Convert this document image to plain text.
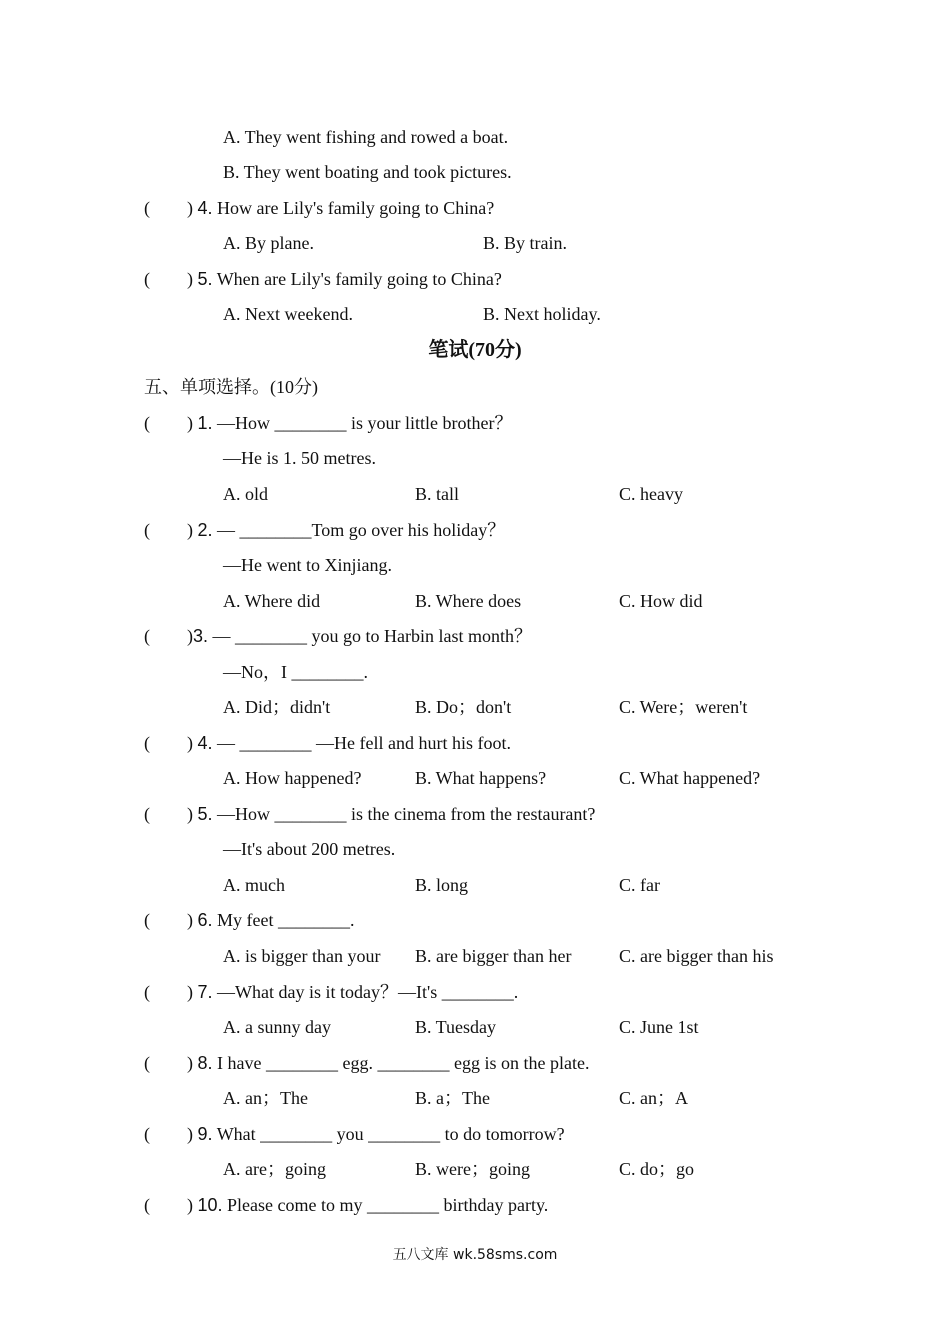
A. They went fishing and rowed a boat.
B. They went boating and took pictures.
( ) 4. How are Lily's family going to China?
A. By plane.	B. By train.
( ) 5. When are Lily's family going to China?
A. Next weekend.	B. Next holiday.
笔试(70分)
五、单项选择。(10分)
( ) 1. —How ________ is your little brother？
—He is 1. 50 metres.
A. old	B. tall	C. heavy
( ) 2. — ________Tom go over his holiday？
—He went to Xinjiang.
A. Where did	B. Where does	C. How did
( )3. — ________ you go to Harbin last month？
—No，I ________.
A. Did；didn't	B. Do；don't	C. Were；weren't
( ) 4. — ________ —He fell and hurt his foot.
A. How happened?	B. What happens?	C. What happened?
( ) 5. —How ________ is the cinema from the restaurant?
—It's about 200 metres.
A. much	B. long	C. far
( ) 6. My feet ________.
A. is bigger than your B. are bigger than her	C. are bigger than his
( ) 7. —What day is it today？—It's ________.
A. a sunny day	B. Tuesday	C. June 1st
( ) 8. I have ________ egg. ________ egg is on the plate.
A. an；The	B. a；The	C. an；A
( ) 9. What ________ you ________ to do tomorrow?
A. are；going	B. were；going	C. do；go
( ) 10. Please come to my ________ birthday party.
五八文库 wk.58sms.com
